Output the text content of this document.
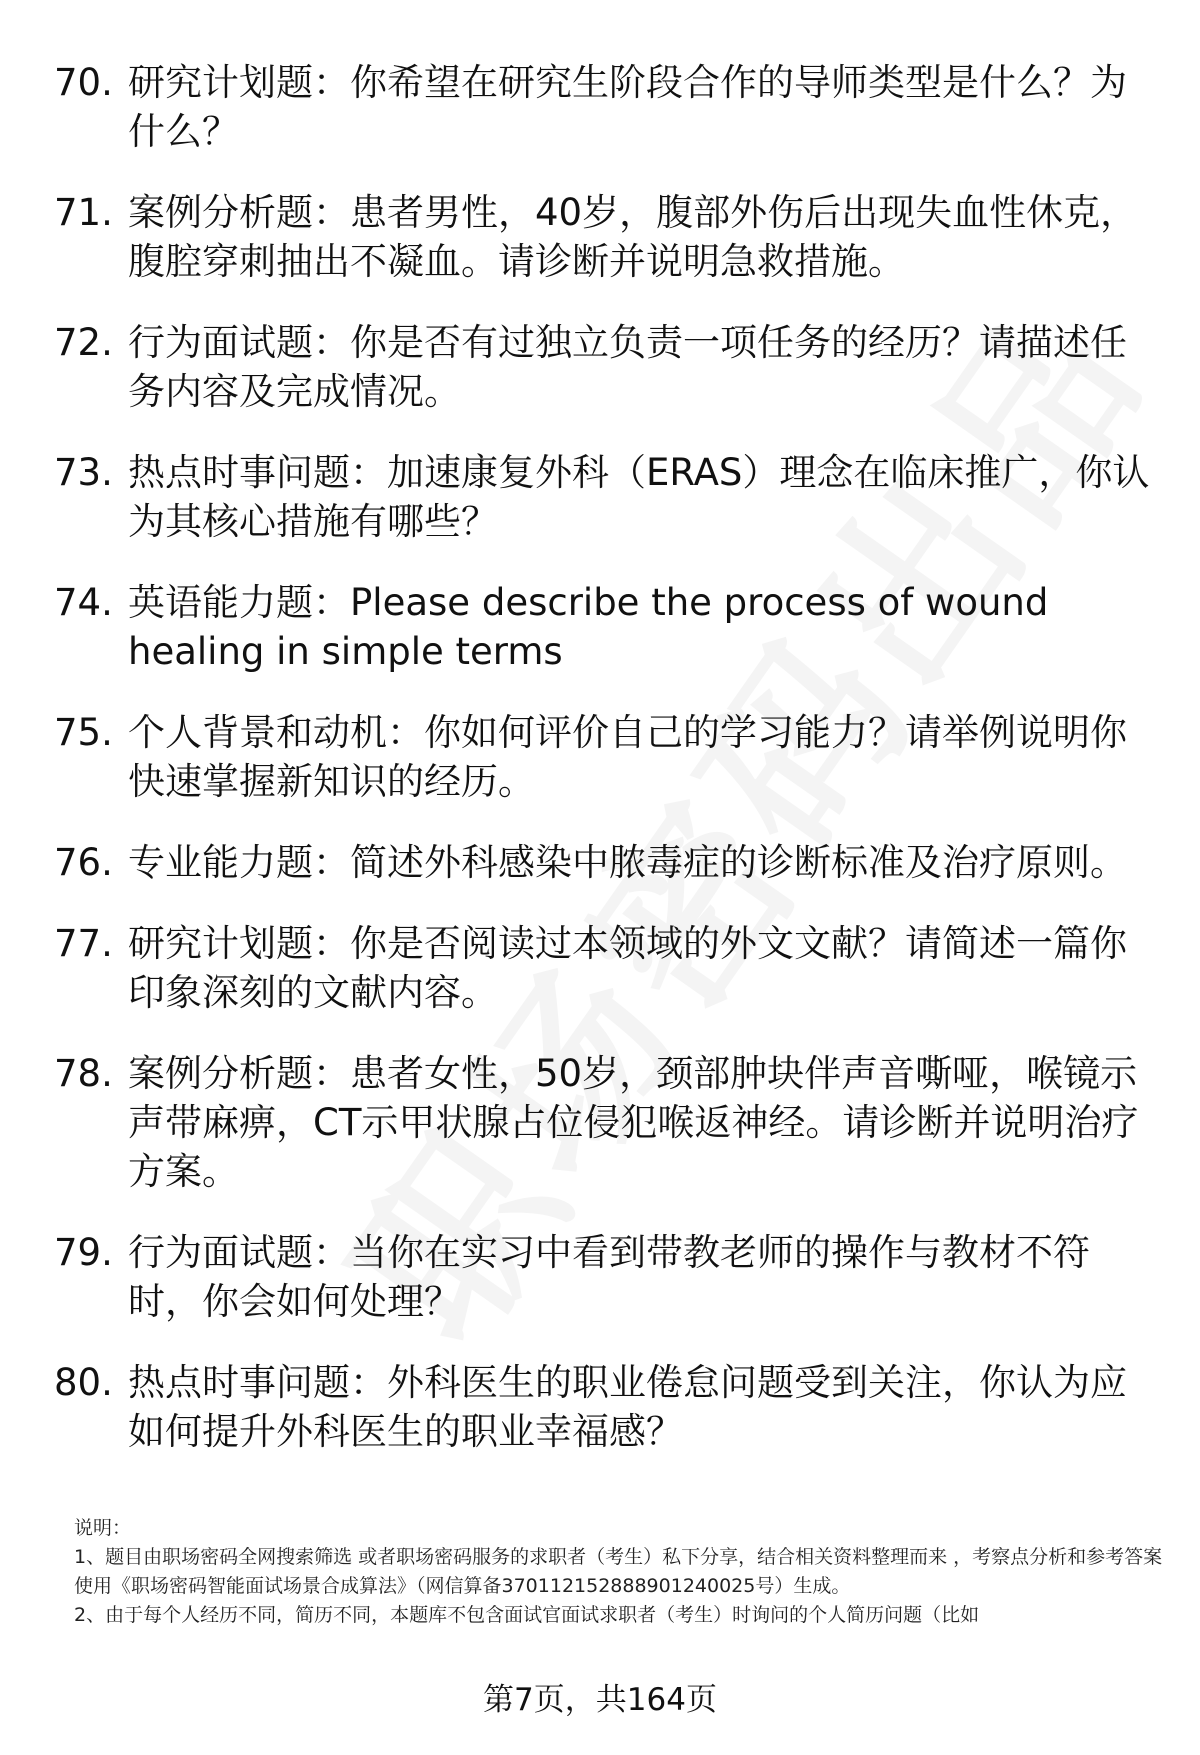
70. 研究计划题：你希望在研究生阶段合作的导师类型是什么？为什么？
71. 案例分析题：患者男性，40岁，腹部外伤后出现失血性休克，腹腔穿刺抽出不凝血。请诊断并说明急救措施。
72. 行为面试题：你是否有过独立负责一项任务的经历？请描述任务内容及完成情况。
73. 热点时事问题：加速康复外科（ERAS）理念在临床推广，你认为其核心措施有哪些？
74. 英语能力题：Please describe the process of wound healing in simple terms
75. 个人背景和动机：你如何评价自己的学习能力？请举例说明你快速掌握新知识的经历。
76. 专业能力题：简述外科感染中脓毒症的诊断标准及治疗原则。
77. 研究计划题：你是否阅读过本领域的外文文献？请简述一篇你印象深刻的文献内容。
78. 案例分析题：患者女性，50岁，颈部肿块伴声音嘶哑，喉镜示声带麻痹，CT示甲状腺占位侵犯喉返神经。请诊断并说明治疗方案。
79. 行为面试题：当你在实习中看到带教老师的操作与教材不符时，你会如何处理？
80. 热点时事问题：外科医生的职业倦怠问题受到关注，你认为应如何提升外科医生的职业幸福感？

说明：

1、题目由职场密码全网搜索筛选 或者职场密码服务的求职者（考生）私下分享，结合相关资料整理而来 ，考察点分析和参考答案使用《职场密码智能面试场景合成算法》（网信算备370112152888901240025号）生成。

2、由于每个人经历不同，简历不同，本题库不包含面试官面试求职者（考生）时询问的个人简历问题（比如

第7页，共164页
